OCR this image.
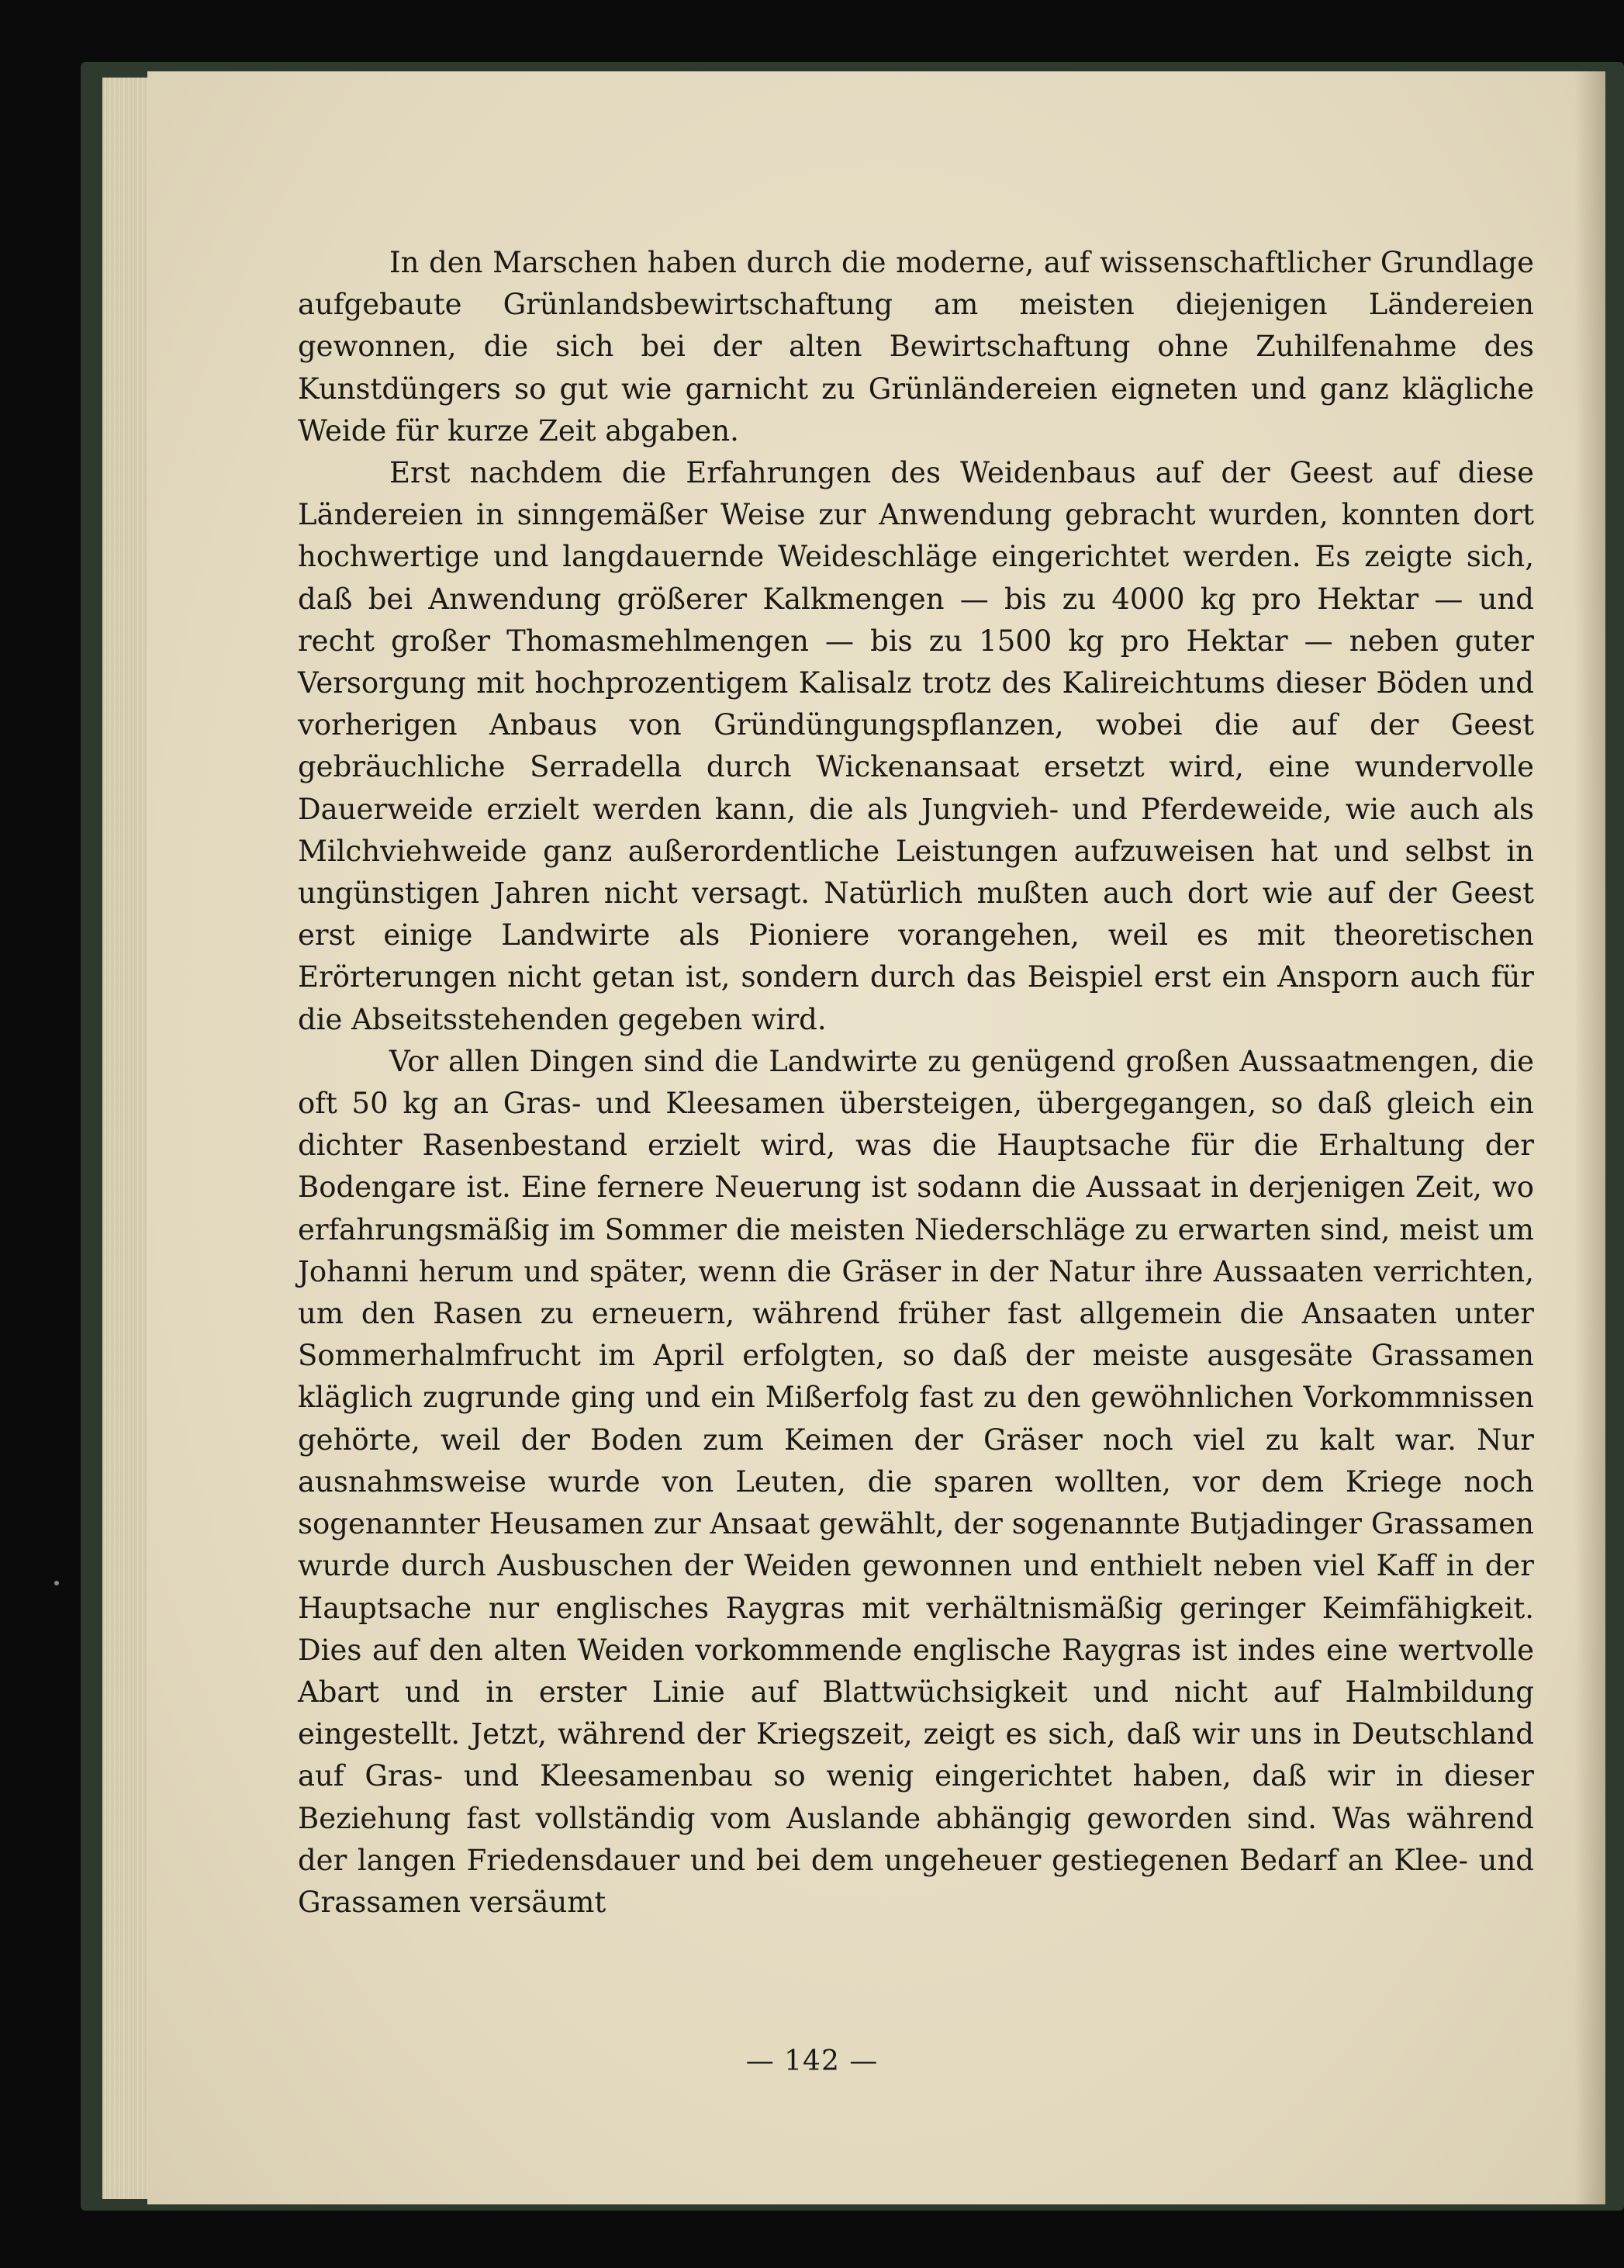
In den Marschen haben durch die moderne, auf wissenschaftlicher Grundlage aufgebaute Grünlandsbewirtschaftung am meisten diejenigen Ländereien gewonnen, die sich bei der alten Bewirtschaftung ohne Zuhilfenahme des Kunstdüngers so gut wie garnicht zu Grünländereien eigneten und ganz klägliche Weide für kurze Zeit abgaben.

Erst nachdem die Erfahrungen des Weidenbaus auf der Geest auf diese Ländereien in sinngemäßer Weise zur Anwendung gebracht wurden, konnten dort hochwertige und langdauernde Weideschläge eingerichtet werden. Es zeigte sich, daß bei Anwendung größerer Kalkmengen — bis zu 4000 kg pro Hektar — und recht großer Thomasmehlmengen — bis zu 1500 kg pro Hektar — neben guter Versorgung mit hochprozentigem Kalisalz trotz des Kalireichtums dieser Böden und vorherigen Anbaus von Gründüngungspflanzen, wobei die auf der Geest gebräuchliche Serradella durch Wickenansaat ersetzt wird, eine wundervolle Dauerweide erzielt werden kann, die als Jungvieh- und Pferdeweide, wie auch als Milchviehweide ganz außerordentliche Leistungen aufzuweisen hat und selbst in ungünstigen Jahren nicht versagt. Natürlich mußten auch dort wie auf der Geest erst einige Landwirte als Pioniere vorangehen, weil es mit theoretischen Erörterungen nicht getan ist, sondern durch das Beispiel erst ein Ansporn auch für die Abseitsstehenden gegeben wird.

Vor allen Dingen sind die Landwirte zu genügend großen Aussaatmengen, die oft 50 kg an Gras- und Kleesamen übersteigen, übergegangen, so daß gleich ein dichter Rasenbestand erzielt wird, was die Hauptsache für die Erhaltung der Bodengare ist. Eine fernere Neuerung ist sodann die Aussaat in derjenigen Zeit, wo erfahrungsmäßig im Sommer die meisten Niederschläge zu erwarten sind, meist um Johanni herum und später, wenn die Gräser in der Natur ihre Aussaaten verrichten, um den Rasen zu erneuern, während früher fast allgemein die Ansaaten unter Sommerhalmfrucht im April erfolgten, so daß der meiste ausgesäte Grassamen kläglich zugrunde ging und ein Mißerfolg fast zu den gewöhnlichen Vorkommnissen gehörte, weil der Boden zum Keimen der Gräser noch viel zu kalt war. Nur ausnahmsweise wurde von Leuten, die sparen wollten, vor dem Kriege noch sogenannter Heusamen zur Ansaat gewählt, der sogenannte Butjadinger Grassamen wurde durch Ausbuschen der Weiden gewonnen und enthielt neben viel Kaff in der Hauptsache nur englisches Raygras mit verhältnismäßig geringer Keimfähigkeit. Dies auf den alten Weiden vorkommende englische Raygras ist indes eine wertvolle Abart und in erster Linie auf Blattwüchsigkeit und nicht auf Halmbildung eingestellt. Jetzt, während der Kriegszeit, zeigt es sich, daß wir uns in Deutschland auf Gras- und Kleesamenbau so wenig eingerichtet haben, daß wir in dieser Beziehung fast vollständig vom Auslande abhängig geworden sind. Was während der langen Friedensdauer und bei dem ungeheuer gestiegenen Bedarf an Klee- und Grassamen versäumt

— 142 —
